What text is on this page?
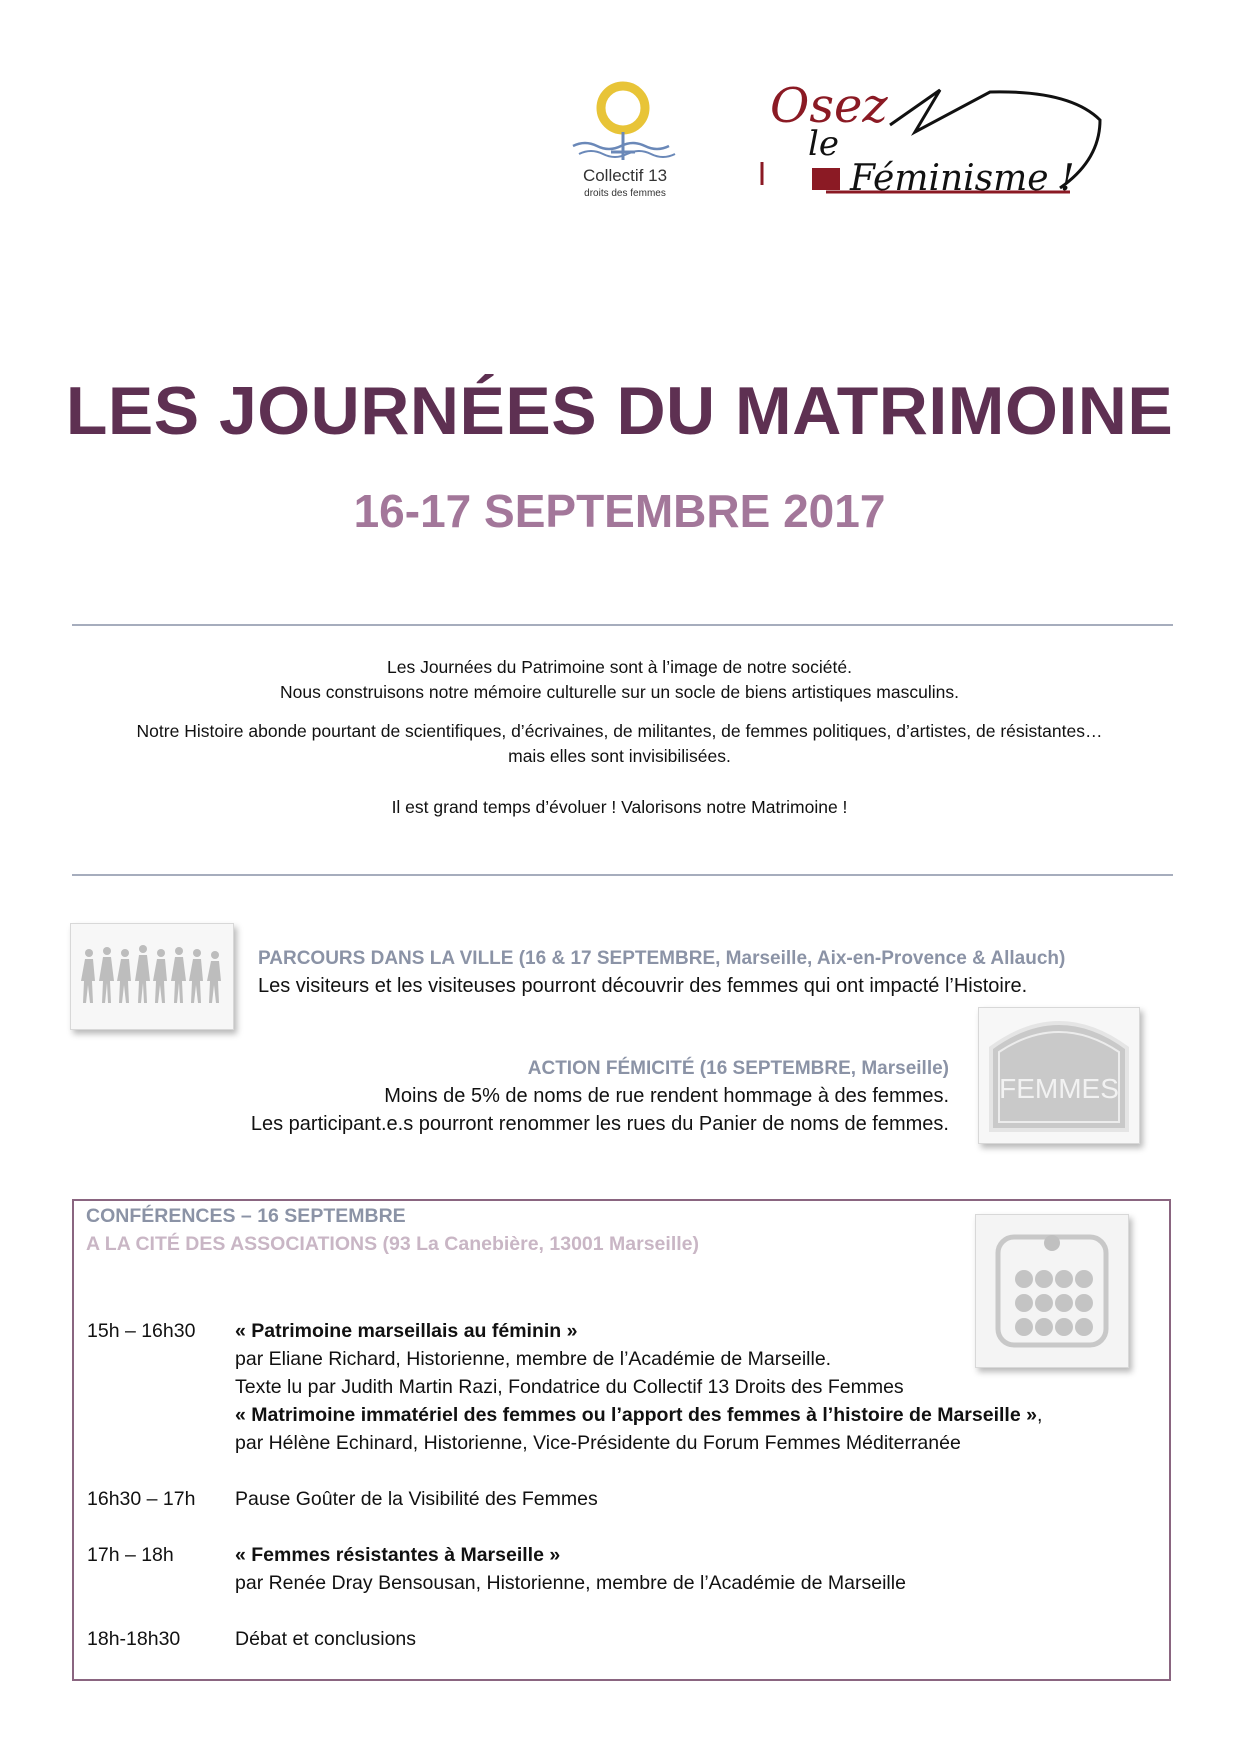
Collectif 13
droits des femmes
Osez
le
Féminisme !
LES JOURNÉES DU MATRIMOINE
16-17 SEPTEMBRE 2017
Les Journées du Patrimoine sont à l’image de notre société.
Nous construisons notre mémoire culturelle sur un socle de biens artistiques masculins.
Notre Histoire abonde pourtant de scientifiques, d’écrivaines, de militantes, de femmes politiques, d’artistes, de résistantes…
mais elles sont invisibilisées.
Il est grand temps d’évoluer ! Valorisons notre Matrimoine !
PARCOURS DANS LA VILLE (16 & 17 SEPTEMBRE, Marseille, Aix-en-Provence & Allauch)
Les visiteurs et les visiteuses pourront découvrir des femmes qui ont impacté l’Histoire.
FEMMES
ACTION FÉMICITÉ (16 SEPTEMBRE, Marseille)
Moins de 5% de noms de rue rendent hommage à des femmes.
Les participant.e.s pourront renommer les rues du Panier de noms de femmes.
CONFÉRENCES – 16 SEPTEMBRE
A LA CITÉ DES ASSOCIATIONS (93 La Canebière, 13001 Marseille)
15h – 16h30 « Patrimoine marseillais au féminin »
par Eliane Richard, Historienne, membre de l’Académie de Marseille.
Texte lu par Judith Martin Razi, Fondatrice du Collectif 13 Droits des Femmes
« Matrimoine immatériel des femmes ou l’apport des femmes à l’histoire de Marseille »,
par Hélène Echinard, Historienne, Vice-Présidente du Forum Femmes Méditerranée
16h30 – 17h Pause Goûter de la Visibilité des Femmes
17h – 18h	« Femmes résistantes à Marseille »
par Renée Dray Bensousan, Historienne, membre de l’Académie de Marseille
18h-18h30	Débat et conclusions
